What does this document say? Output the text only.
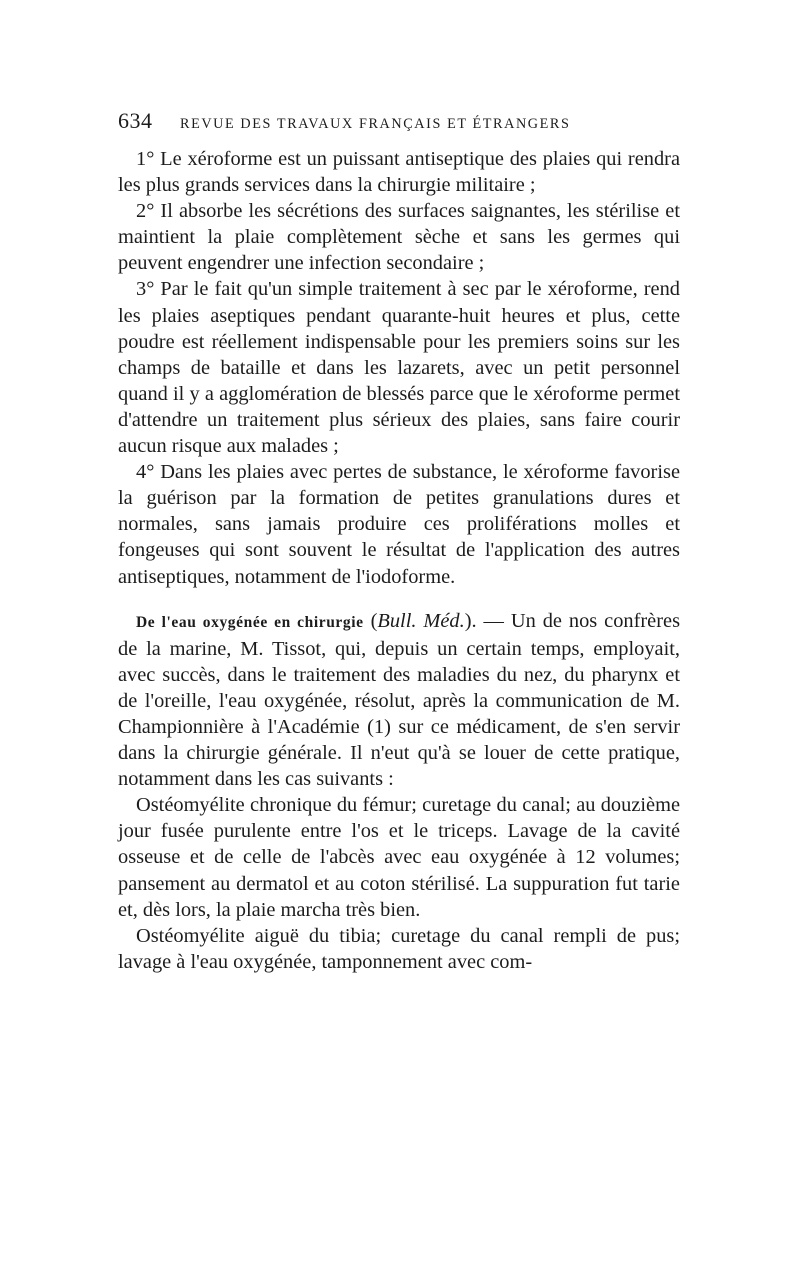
634	REVUE DES TRAVAUX FRANÇAIS ET ÉTRANGERS

1° Le xéroforme est un puissant antiseptique des plaies qui rendra les plus grands services dans la chirurgie militaire ;

2° Il absorbe les sécrétions des surfaces saignantes, les stérilise et maintient la plaie complètement sèche et sans les germes qui peuvent engendrer une infection secondaire ;

3° Par le fait qu'un simple traitement à sec par le xéroforme, rend les plaies aseptiques pendant quarante-huit heures et plus, cette poudre est réellement indispensable pour les premiers soins sur les champs de bataille et dans les lazarets, avec un petit personnel quand il y a agglomération de blessés parce que le xéroforme permet d'attendre un traitement plus sérieux des plaies, sans faire courir aucun risque aux malades ;

4° Dans les plaies avec pertes de substance, le xéroforme favorise la guérison par la formation de petites granulations dures et normales, sans jamais produire ces proliférations molles et fongeuses qui sont souvent le résultat de l'application des autres antiseptiques, notamment de l'iodoforme.

De l'eau oxygénée en chirurgie (Bull. Méd.). — Un de nos confrères de la marine, M. Tissot, qui, depuis un certain temps, employait, avec succès, dans le traitement des maladies du nez, du pharynx et de l'oreille, l'eau oxygénée, résolut, après la communication de M. Championnière à l'Académie (1) sur ce médicament, de s'en servir dans la chirurgie générale. Il n'eut qu'à se louer de cette pratique, notamment dans les cas suivants :

Ostéomyélite chronique du fémur; curetage du canal; au douzième jour fusée purulente entre l'os et le triceps. Lavage de la cavité osseuse et de celle de l'abcès avec eau oxygénée à 12 volumes; pansement au dermatol et au coton stérilisé. La suppuration fut tarie et, dès lors, la plaie marcha très bien.

Ostéomyélite aiguë du tibia; curetage du canal rempli de pus; lavage à l'eau oxygénée, tamponnement avec com-
